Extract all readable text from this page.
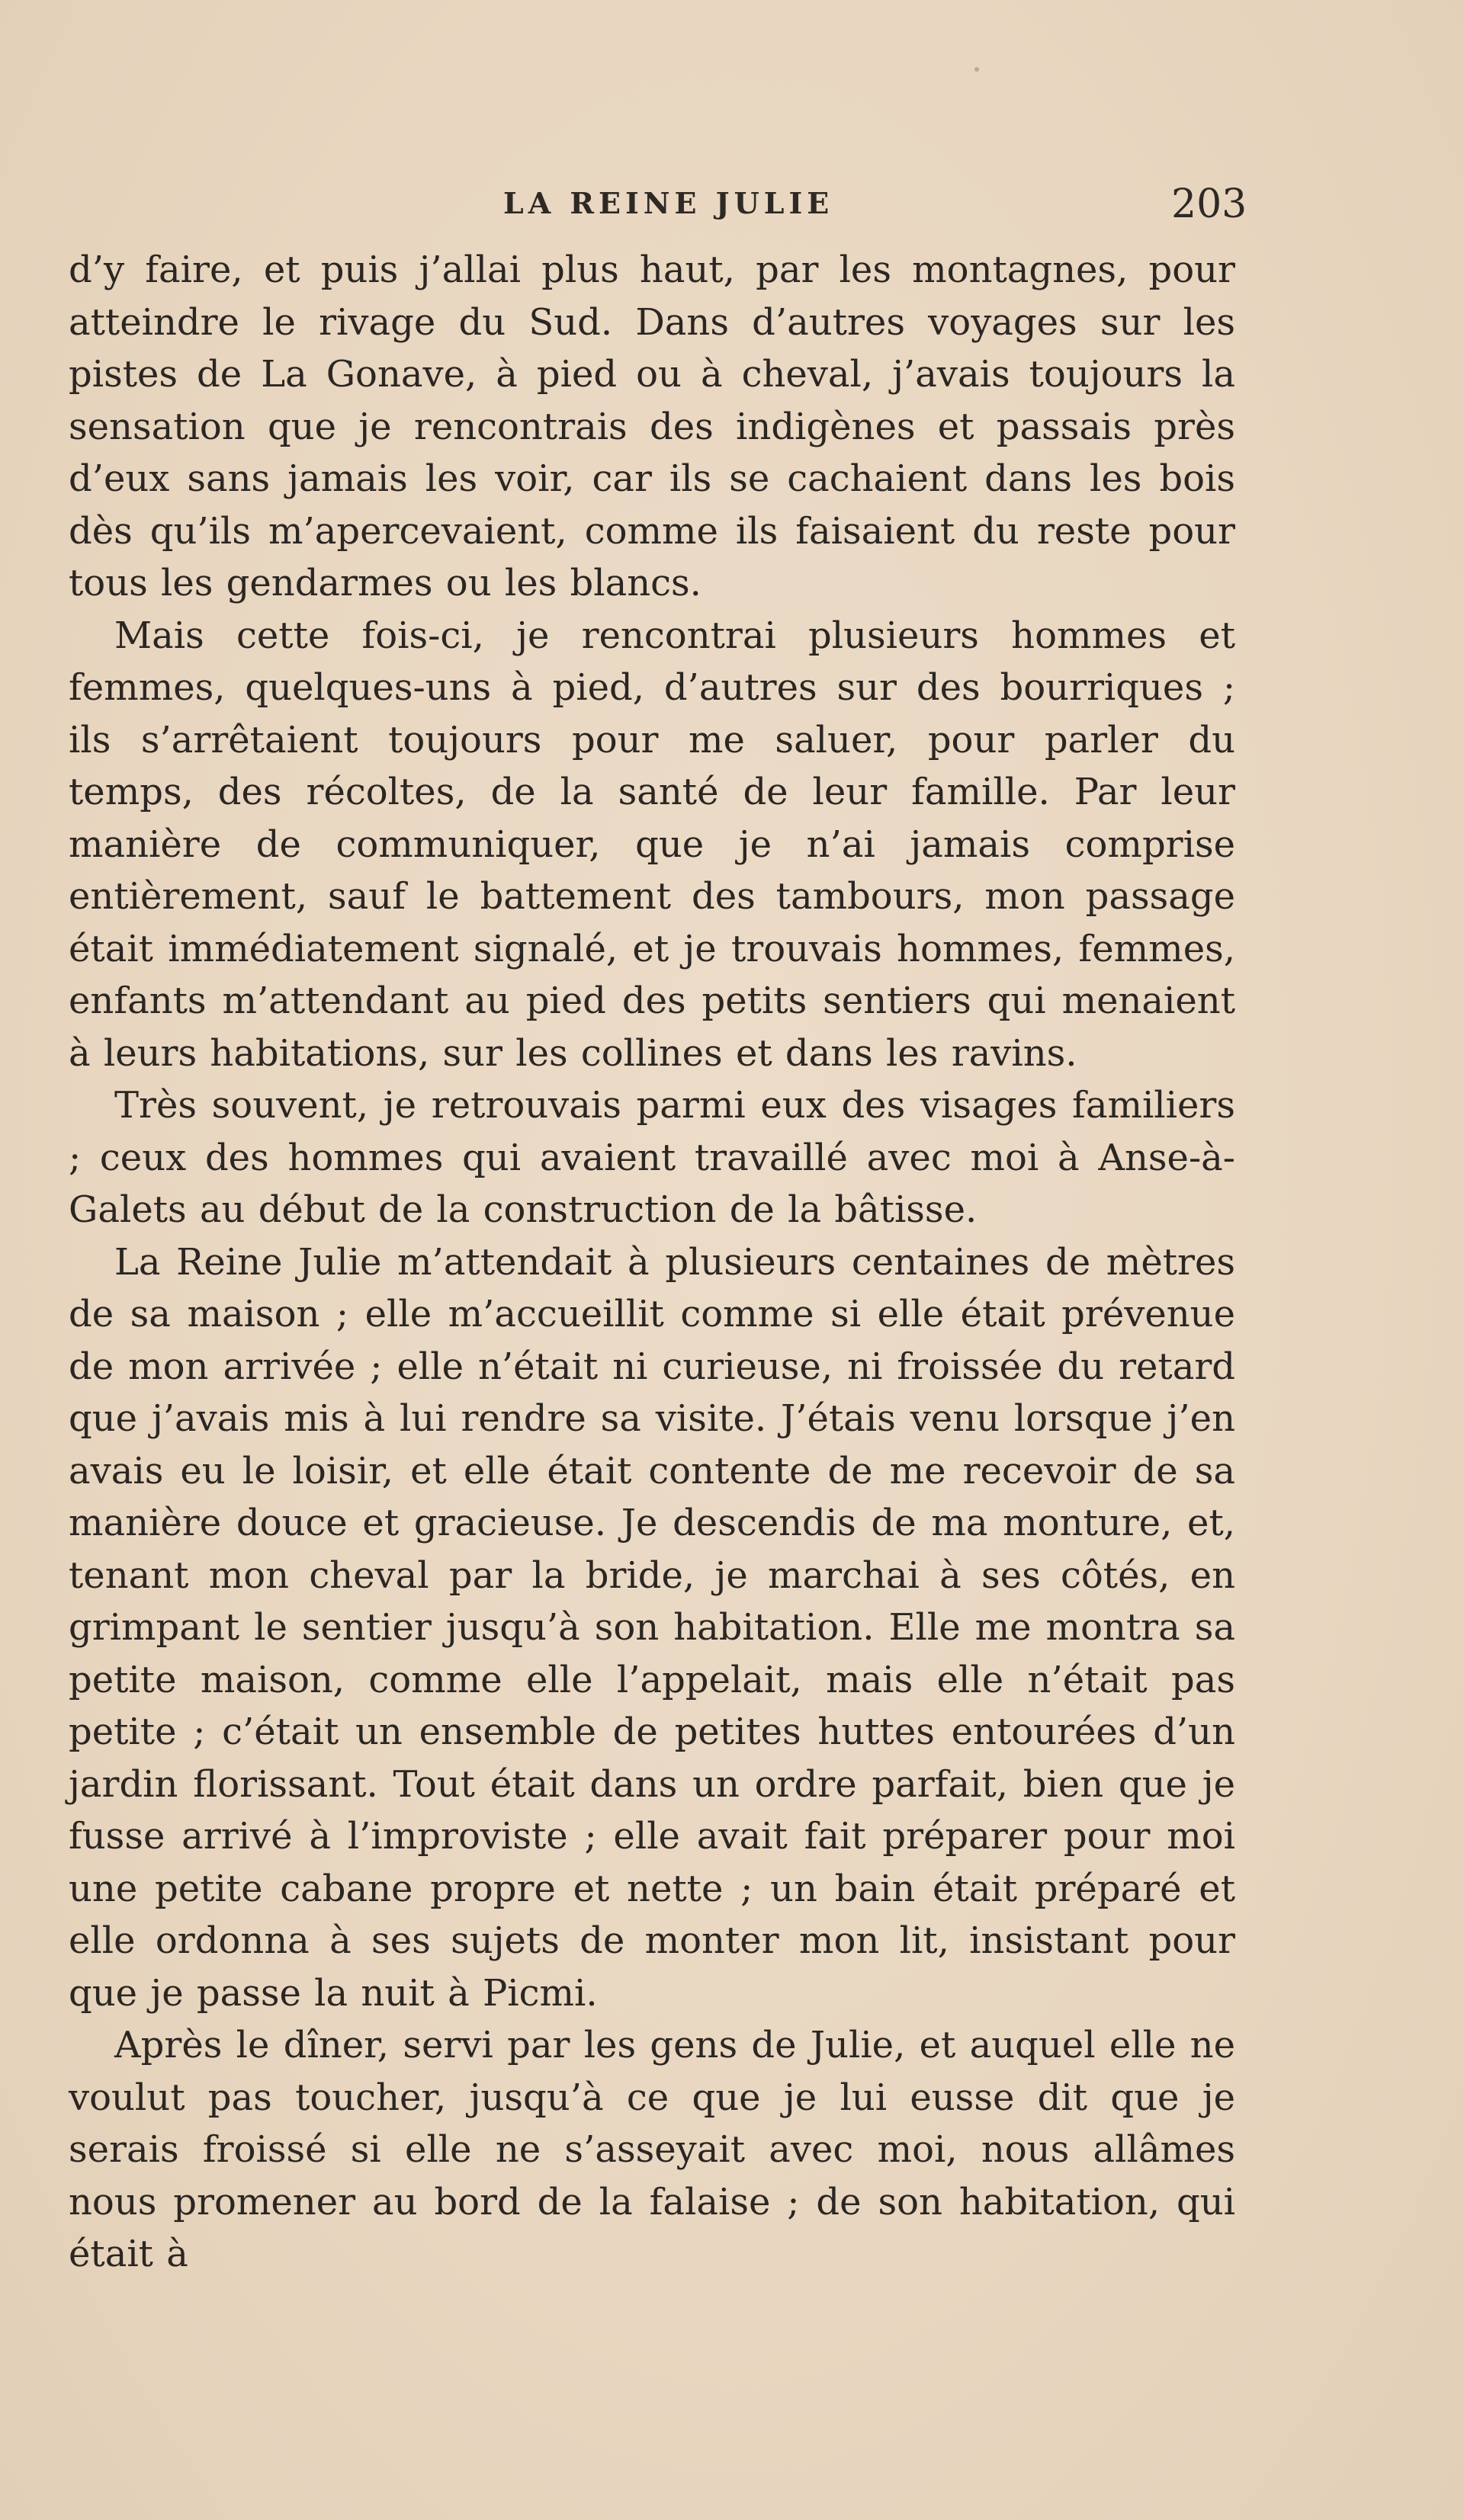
LA REINE JULIE	203

d’y faire, et puis j’allai plus haut, par les montagnes, pour atteindre le rivage du Sud. Dans d’autres voyages sur les pistes de La Gonave, à pied ou à cheval, j’avais toujours la sensation que je rencontrais des indigènes et passais près d’eux sans jamais les voir, car ils se cachaient dans les bois dès qu’ils m’apercevaient, comme ils faisaient du reste pour tous les gendarmes ou les blancs.

Mais cette fois-ci, je rencontrai plusieurs hommes et femmes, quelques-uns à pied, d’autres sur des bourriques ; ils s’arrêtaient toujours pour me saluer, pour parler du temps, des récoltes, de la santé de leur famille. Par leur manière de communiquer, que je n’ai jamais comprise entièrement, sauf le battement des tambours, mon passage était immédiatement signalé, et je trouvais hommes, femmes, enfants m’attendant au pied des petits sentiers qui menaient à leurs habitations, sur les collines et dans les ravins.

Très souvent, je retrouvais parmi eux des visages familiers ; ceux des hommes qui avaient travaillé avec moi à Anse-à-Galets au début de la construction de la bâtisse.

La Reine Julie m’attendait à plusieurs centaines de mètres de sa maison ; elle m’accueillit comme si elle était prévenue de mon arrivée ; elle n’était ni curieuse, ni froissée du retard que j’avais mis à lui rendre sa visite. J’étais venu lorsque j’en avais eu le loisir, et elle était contente de me recevoir de sa manière douce et gracieuse. Je descendis de ma monture, et, tenant mon cheval par la bride, je marchai à ses côtés, en grimpant le sentier jusqu’à son habitation. Elle me montra sa petite maison, comme elle l’appelait, mais elle n’était pas petite ; c’était un ensemble de petites huttes entourées d’un jardin florissant. Tout était dans un ordre parfait, bien que je fusse arrivé à l’improviste ; elle avait fait préparer pour moi une petite cabane propre et nette ; un bain était préparé et elle ordonna à ses sujets de monter mon lit, insistant pour que je passe la nuit à Picmi.

Après le dîner, servi par les gens de Julie, et auquel elle ne voulut pas toucher, jusqu’à ce que je lui eusse dit que je serais froissé si elle ne s’asseyait avec moi, nous allâmes nous promener au bord de la falaise ; de son habitation, qui était à
